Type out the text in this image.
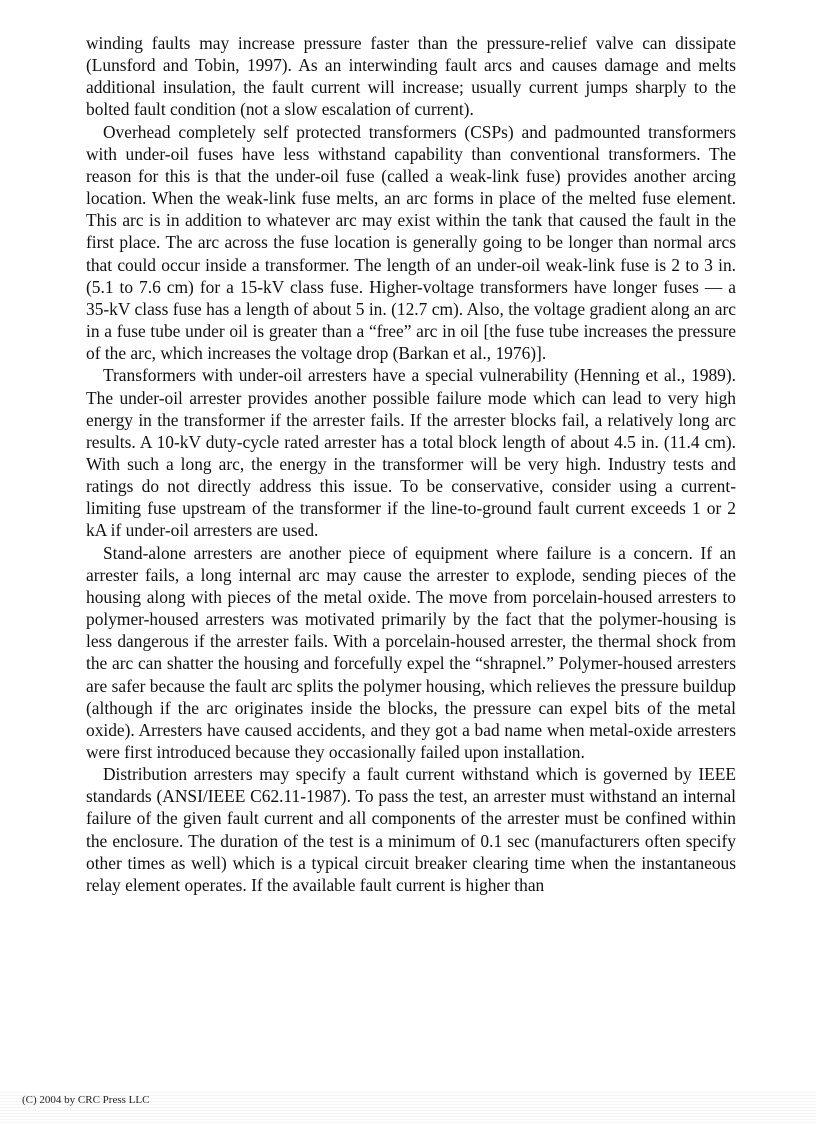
winding faults may increase pressure faster than the pressure-relief valve can dissipate (Lunsford and Tobin, 1997). As an interwinding fault arcs and causes damage and melts additional insulation, the fault current will increase; usually current jumps sharply to the bolted fault condition (not a slow escalation of current).

Overhead completely self protected transformers (CSPs) and padmounted transformers with under-oil fuses have less withstand capability than conventional transformers. The reason for this is that the under-oil fuse (called a weak-link fuse) provides another arcing location. When the weak-link fuse melts, an arc forms in place of the melted fuse element. This arc is in addition to whatever arc may exist within the tank that caused the fault in the first place. The arc across the fuse location is generally going to be longer than normal arcs that could occur inside a transformer. The length of an under-oil weak-link fuse is 2 to 3 in. (5.1 to 7.6 cm) for a 15-kV class fuse. Higher-voltage transformers have longer fuses — a 35-kV class fuse has a length of about 5 in. (12.7 cm). Also, the voltage gradient along an arc in a fuse tube under oil is greater than a “free” arc in oil [the fuse tube increases the pressure of the arc, which increases the voltage drop (Barkan et al., 1976)].

Transformers with under-oil arresters have a special vulnerability (Henning et al., 1989). The under-oil arrester provides another possible failure mode which can lead to very high energy in the transformer if the arrester fails. If the arrester blocks fail, a relatively long arc results. A 10-kV duty-cycle rated arrester has a total block length of about 4.5 in. (11.4 cm). With such a long arc, the energy in the transformer will be very high. Industry tests and ratings do not directly address this issue. To be conservative, consider using a current-limiting fuse upstream of the transformer if the line-to-ground fault current exceeds 1 or 2 kA if under-oil arresters are used.

Stand-alone arresters are another piece of equipment where failure is a concern. If an arrester fails, a long internal arc may cause the arrester to explode, sending pieces of the housing along with pieces of the metal oxide. The move from porcelain-housed arresters to polymer-housed arresters was motivated primarily by the fact that the polymer-housing is less dangerous if the arrester fails. With a porcelain-housed arrester, the thermal shock from the arc can shatter the housing and forcefully expel the “shrapnel.” Polymer-housed arresters are safer because the fault arc splits the polymer housing, which relieves the pressure buildup (although if the arc originates inside the blocks, the pressure can expel bits of the metal oxide). Arresters have caused accidents, and they got a bad name when metal-oxide arresters were first introduced because they occasionally failed upon installation.

Distribution arresters may specify a fault current withstand which is governed by IEEE standards (ANSI/IEEE C62.11-1987). To pass the test, an arrester must withstand an internal failure of the given fault current and all components of the arrester must be confined within the enclosure. The duration of the test is a minimum of 0.1 sec (manufacturers often specify other times as well) which is a typical circuit breaker clearing time when the instantaneous relay element operates. If the available fault current is higher than

(C) 2004 by CRC Press LLC
